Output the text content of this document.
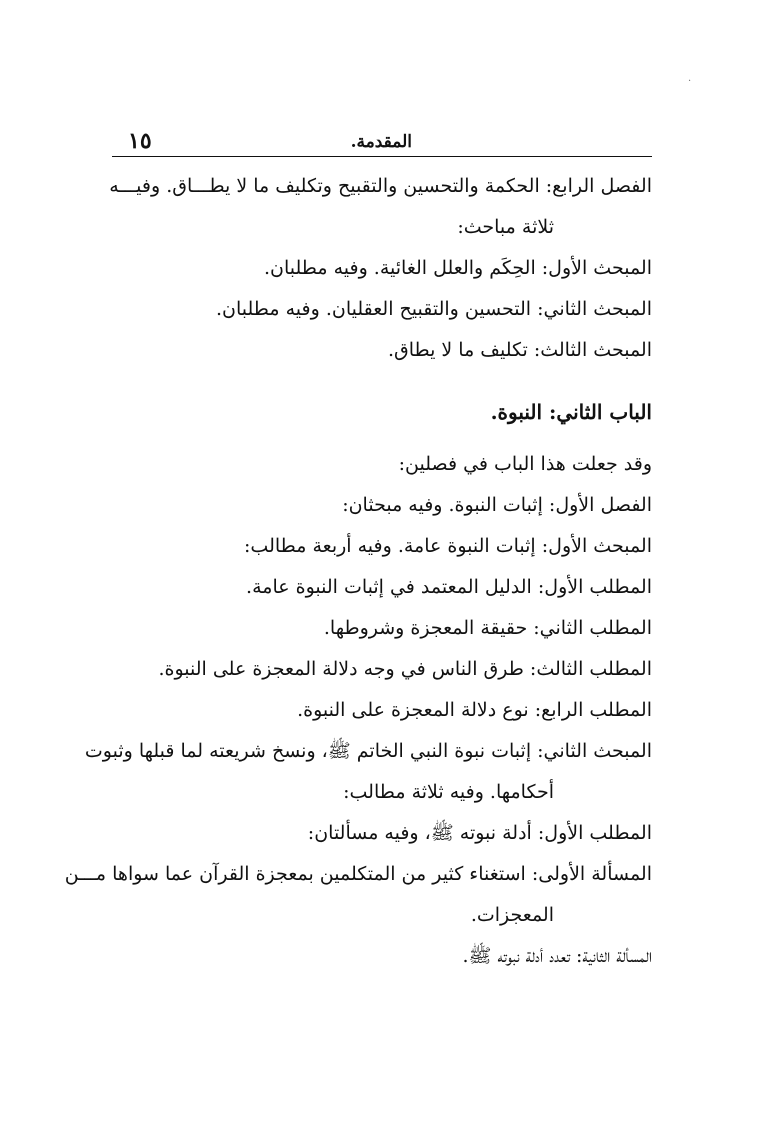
·
المقدمة.
١٥
الفصل الرابع: الحكمة والتحسين والتقبيح وتكليف ما لا يطـــاق. وفيـــه
ثلاثة مباحث:
المبحث الأول: الحِكَم والعلل الغائية. وفيه مطلبان.
المبحث الثاني: التحسين والتقبيح العقليان. وفيه مطلبان.
المبحث الثالث: تكليف ما لا يطاق.
الباب الثاني: النبوة.
وقد جعلت هذا الباب في فصلين:
الفصل الأول: إثبات النبوة. وفيه مبحثان:
المبحث الأول: إثبات النبوة عامة. وفيه أربعة مطالب:
المطلب الأول: الدليل المعتمد في إثبات النبوة عامة.
المطلب الثاني: حقيقة المعجزة وشروطها.
المطلب الثالث: طرق الناس في وجه دلالة المعجزة على النبوة.
المطلب الرابع: نوع دلالة المعجزة على النبوة.
المبحث الثاني: إثبات نبوة النبي الخاتم ﷺ، ونسخ شريعته لما قبلها وثبوت
أحكامها. وفيه ثلاثة مطالب:
المطلب الأول: أدلة نبوته ﷺ، وفيه مسألتان:
المسألة الأولى: استغناء كثير من المتكلمين بمعجزة القرآن عما سواها مـــن
المعجزات.
المسألة الثانية: تعدد أدلة نبوته ﷺ.
